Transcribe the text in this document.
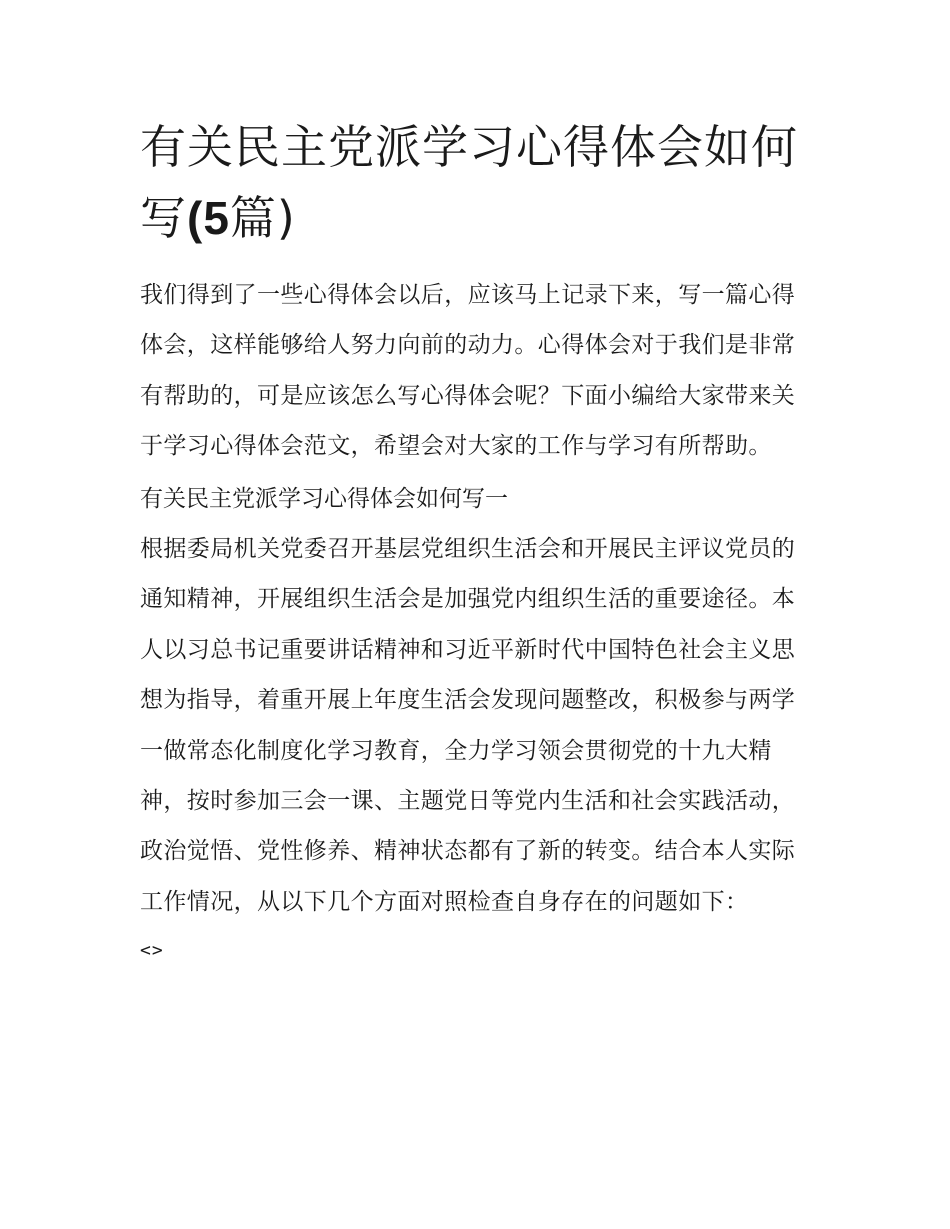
有关民主党派学习心得体会如何写(5篇)

我们得到了一些心得体会以后，应该马上记录下来，写一篇心得体会，这样能够给人努力向前的动力。心得体会对于我们是非常有帮助的，可是应该怎么写心得体会呢？下面小编给大家带来关于学习心得体会范文，希望会对大家的工作与学习有所帮助。

有关民主党派学习心得体会如何写一

根据委局机关党委召开基层党组织生活会和开展民主评议党员的通知精神，开展组织生活会是加强党内组织生活的重要途径。本人以习总书记重要讲话精神和习近平新时代中国特色社会主义思想为指导，着重开展上年度生活会发现问题整改，积极参与两学一做常态化制度化学习教育，全力学习领会贯彻党的十九大精神，按时参加三会一课、主题党日等党内生活和社会实践活动，政治觉悟、党性修养、精神状态都有了新的转变。结合本人实际工作情况，从以下几个方面对照检查自身存在的问题如下：

<>
